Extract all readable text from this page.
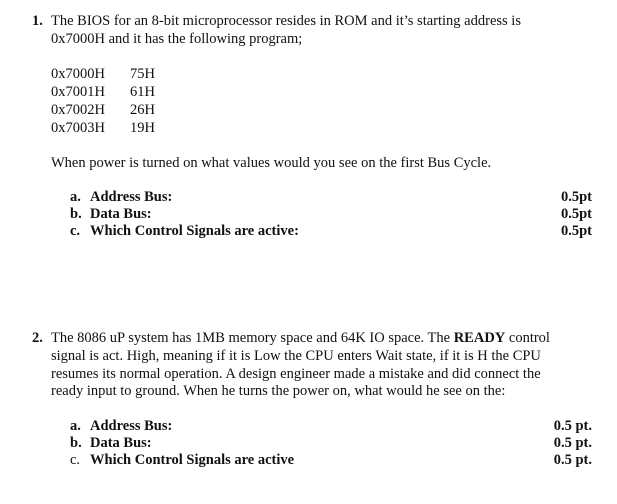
1. The BIOS for an 8-bit microprocessor resides in ROM and it’s starting address is
0x7000H and it has the following program;
0x7000H 75H
0x7001H 61H
0x7002H 26H
0x7003H 19H
When power is turned on what values would you see on the first Bus Cycle.
a. Address Bus:	0.5pt
b. Data Bus:	0.5pt
c. Which Control Signals are active:	0.5pt
2. The 8086 uP system has 1MB memory space and 64K IO space. The READY control
signal is act. High, meaning if it is Low the CPU enters Wait state, if it is H the CPU
resumes its normal operation. A design engineer made a mistake and did connect the
ready input to ground. When he turns the power on, what would he see on the:
a. Address Bus:	0.5 pt.
b. Data Bus:	0.5 pt.
c. Which Control Signals are active	0.5 pt.
